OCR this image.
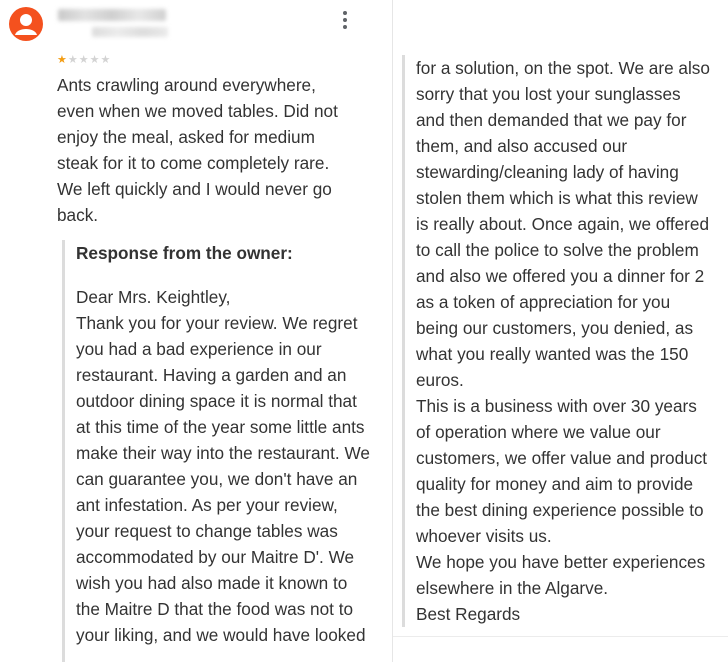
★★★★★
Ants crawling around everywhere,
even when we moved tables. Did not
enjoy the meal, asked for medium
steak for it to come completely rare.
We left quickly and I would never go
back.
Response from the owner:
Dear Mrs. Keightley,
Thank you for your review. We regret
you had a bad experience in our
restaurant. Having a garden and an
outdoor dining space it is normal that
at this time of the year some little ants
make their way into the restaurant. We
can guarantee you, we don't have an
ant infestation. As per your review,
your request to change tables was
accommodated by our Maitre D'. We
wish you had also made it known to
the Maitre D that the food was not to
your liking, and we would have looked
for a solution, on the spot. We are also
sorry that you lost your sunglasses
and then demanded that we pay for
them, and also accused our
stewarding/cleaning lady of having
stolen them which is what this review
is really about. Once again, we offered
to call the police to solve the problem
and also we offered you a dinner for 2
as a token of appreciation for you
being our customers, you denied, as
what you really wanted was the 150
euros.
This is a business with over 30 years
of operation where we value our
customers, we offer value and product
quality for money and aim to provide
the best dining experience possible to
whoever visits us.
We hope you have better experiences
elsewhere in the Algarve.
Best Regards
